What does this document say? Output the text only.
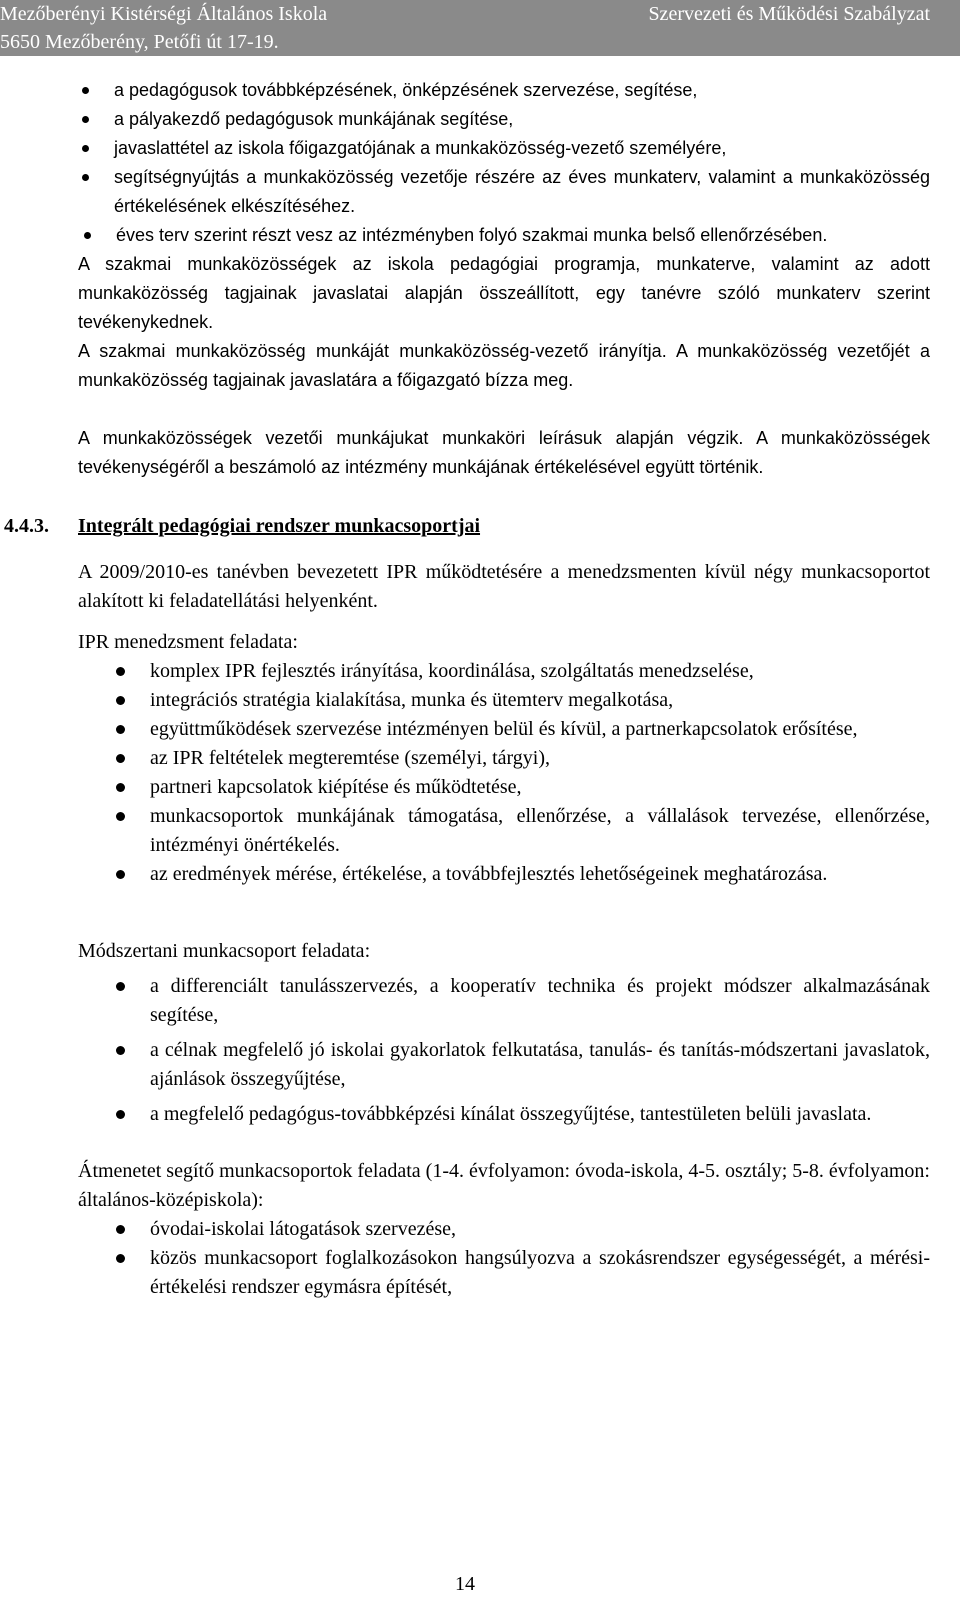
Mezőberényi Kistérségi Általános Iskola
5650 Mezőberény, Petőfi út 17-19.
Szervezeti és Működési Szabályzat
a pedagógusok továbbképzésének, önképzésének szervezése, segítése,
a pályakezdő pedagógusok munkájának segítése,
javaslattétel az iskola főigazgatójának a munkaközösség-vezető személyére,
segítségnyújtás a munkaközösség vezetője részére az éves munkaterv, valamint a munkaközösség értékelésének elkészítéséhez.
éves terv szerint részt vesz az intézményben folyó szakmai munka belső ellenőrzésében.

A szakmai munkaközösségek az iskola pedagógiai programja, munkaterve, valamint az adott munkaközösség tagjainak javaslatai alapján összeállított, egy tanévre szóló munkaterv szerint tevékenykednek.

A szakmai munkaközösség munkáját munkaközösség-vezető irányítja. A munkaközösség vezetőjét a munkaközösség tagjainak javaslatára a főigazgató bízza meg.

A munkaközösségek vezetői munkájukat munkaköri leírásuk alapján végzik. A munkaközösségek tevékenységéről a beszámoló az intézmény munkájának értékelésével együtt történik.

4.4.3. Integrált pedagógiai rendszer munkacsoportjai

A 2009/2010-es tanévben bevezetett IPR működtetésére a menedzsmenten kívül négy munkacsoportot alakított ki feladatellátási helyenként.

IPR menedzsment feladata:

komplex IPR fejlesztés irányítása, koordinálása, szolgáltatás menedzselése,
integrációs stratégia kialakítása, munka és ütemterv megalkotása,
együttműködések szervezése intézményen belül és kívül, a partnerkapcsolatok erősítése,
az IPR feltételek megteremtése (személyi, tárgyi),
partneri kapcsolatok kiépítése és működtetése,
munkacsoportok munkájának támogatása, ellenőrzése, a vállalások tervezése, ellenőrzése, intézményi önértékelés.
az eredmények mérése, értékelése, a továbbfejlesztés lehetőségeinek meghatározása.

Módszertani munkacsoport feladata:

a differenciált tanulásszervezés, a kooperatív technika és projekt módszer alkalmazásának segítése,
a célnak megfelelő jó iskolai gyakorlatok felkutatása, tanulás- és tanítás-módszertani javaslatok, ajánlások összegyűjtése,
a megfelelő pedagógus-továbbképzési kínálat összegyűjtése, tantestületen belüli javaslata.

Átmenetet segítő munkacsoportok feladata (1-4. évfolyamon: óvoda-iskola, 4-5. osztály; 5-8. évfolyamon: általános-középiskola):

óvodai-iskolai látogatások szervezése,
közös munkacsoport foglalkozásokon hangsúlyozva a szokásrendszer egységességét, a mérési-értékelési rendszer egymásra építését,
14
